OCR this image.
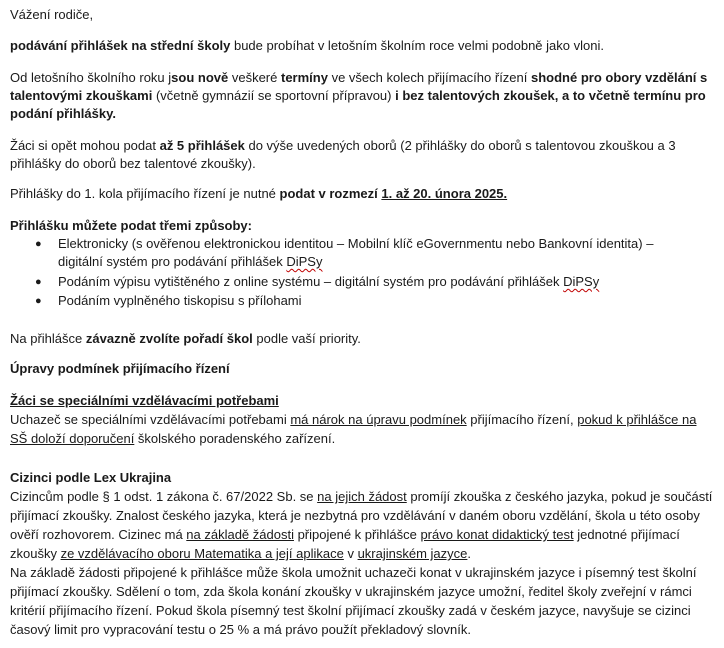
Vážení rodiče,
podávání přihlášek na střední školy bude probíhat v letošním školním roce velmi podobně jako vloni.
Od letošního školního roku jsou nově veškeré termíny ve všech kolech přijímacího řízení shodné pro obory vzdělání s
talentovými zkouškami (včetně gymnázií se sportovní přípravou) i bez talentových zkoušek, a to včetně termínu pro
podání přihlášky.
Žáci si opět mohou podat až 5 přihlášek do výše uvedených oborů (2 přihlášky do oborů s talentovou zkouškou a 3
přihlášky do oborů bez talentové zkoušky).
Přihlášky do 1. kola přijímacího řízení je nutné podat v rozmezí 1. až 20. února 2025.
Přihlášku můžete podat třemi způsoby:
● Elektronicky (s ověřenou elektronickou identitou – Mobilní klíč eGovernmentu nebo Bankovní identita) –
digitální systém pro podávání přihlášek DiPSy
● Podáním výpisu vytištěného z online systému – digitální systém pro podávání přihlášek DiPSy
● Podáním vyplněného tiskopisu s přílohami
Na přihlášce závazně zvolíte pořadí škol podle vaší priority.
Úpravy podmínek přijímacího řízení
Žáci se speciálními vzdělávacími potřebami
Uchazeč se speciálními vzdělávacími potřebami má nárok na úpravu podmínek přijímacího řízení, pokud k přihlášce na
SŠ doloží doporučení školského poradenského zařízení.
Cizinci podle Lex Ukrajina
Cizincům podle § 1 odst. 1 zákona č. 67/2022 Sb. se na jejich žádost promíjí zkouška z českého jazyka, pokud je součástí
přijímací zkoušky. Znalost českého jazyka, která je nezbytná pro vzdělávání v daném oboru vzdělání, škola u této osoby
ověří rozhovorem. Cizinec má na základě žádosti připojené k přihlášce právo konat didaktický test jednotné přijímací
zkoušky ze vzdělávacího oboru Matematika a její aplikace v ukrajinském jazyce.
Na základě žádosti připojené k přihlášce může škola umožnit uchazeči konat v ukrajinském jazyce i písemný test školní
přijímací zkoušky. Sdělení o tom, zda škola konání zkoušky v ukrajinském jazyce umožní, ředitel školy zveřejní v rámci
kritérií přijímacího řízení. Pokud škola písemný test školní přijímací zkoušky zadá v českém jazyce, navyšuje se cizinci
časový limit pro vypracování testu o 25 % a má právo použít překladový slovník.
